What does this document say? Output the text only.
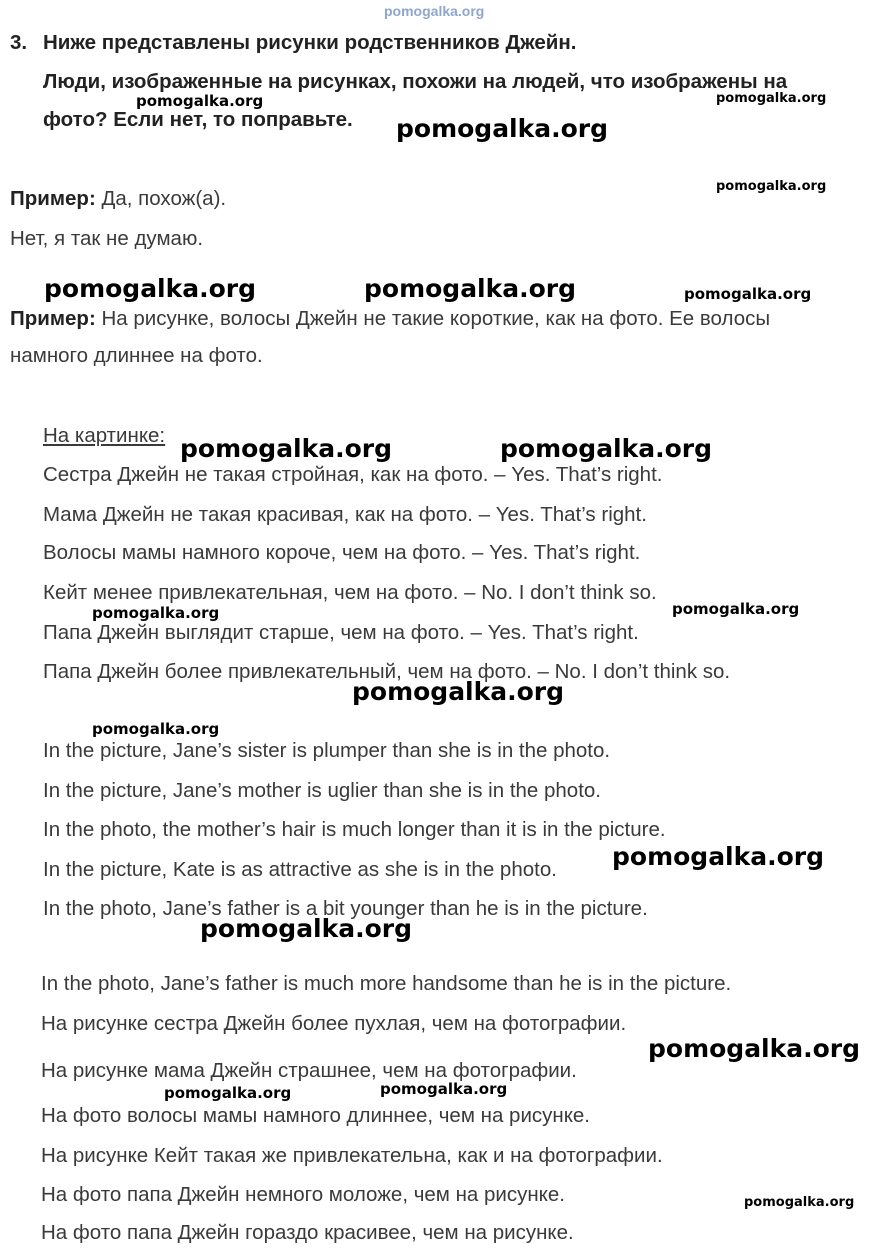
pomogalka.org
3. Ниже представлены рисунки родственников Джейн.
Люди, изображенные на рисунках, похожи на людей, что изображены на
фото? Если нет, то поправьте.
Пример: Да, похож(а).
Нет, я так не думаю.
Пример: На рисунке, волосы Джейн не такие короткие, как на фото. Ее волосы
намного длиннее на фото.
На картинке:
Сестра Джейн не такая стройная, как на фото. – Yes. That’s right.
Мама Джейн не такая красивая, как на фото. – Yes. That’s right.
Волосы мамы намного короче, чем на фото. – Yes. That’s right.
Кейт менее привлекательная, чем на фото. – No. I don’t think so.
Папа Джейн выглядит старше, чем на фото. – Yes. That’s right.
Папа Джейн более привлекательный, чем на фото. – No. I don’t think so.
In the picture, Jane’s sister is plumper than she is in the photo.
In the picture, Jane’s mother is uglier than she is in the photo.
In the photo, the mother’s hair is much longer than it is in the picture.
In the picture, Kate is as attractive as she is in the photo.
In the photo, Jane’s father is a bit younger than he is in the picture.
In the photo, Jane’s father is much more handsome than he is in the picture.
На рисунке сестра Джейн более пухлая, чем на фотографии.
На рисунке мама Джейн страшнее, чем на фотографии.
На фото волосы мамы намного длиннее, чем на рисунке.
На рисунке Кейт такая же привлекательна, как и на фотографии.
На фото папа Джейн немного моложе, чем на рисунке.
На фото папа Джейн гораздо красивее, чем на рисунке.
pomogalka.org	pomogalka.org
pomogalka.org
pomogalka.org
pomogalka.org	pomogalka.org	pomogalka.org
pomogalka.org	pomogalka.org
pomogalka.org	pomogalka.org
pomogalka.org
pomogalka.org
pomogalka.org
pomogalka.org
pomogalka.org
pomogalka.org	pomogalka.org
pomogalka.org
